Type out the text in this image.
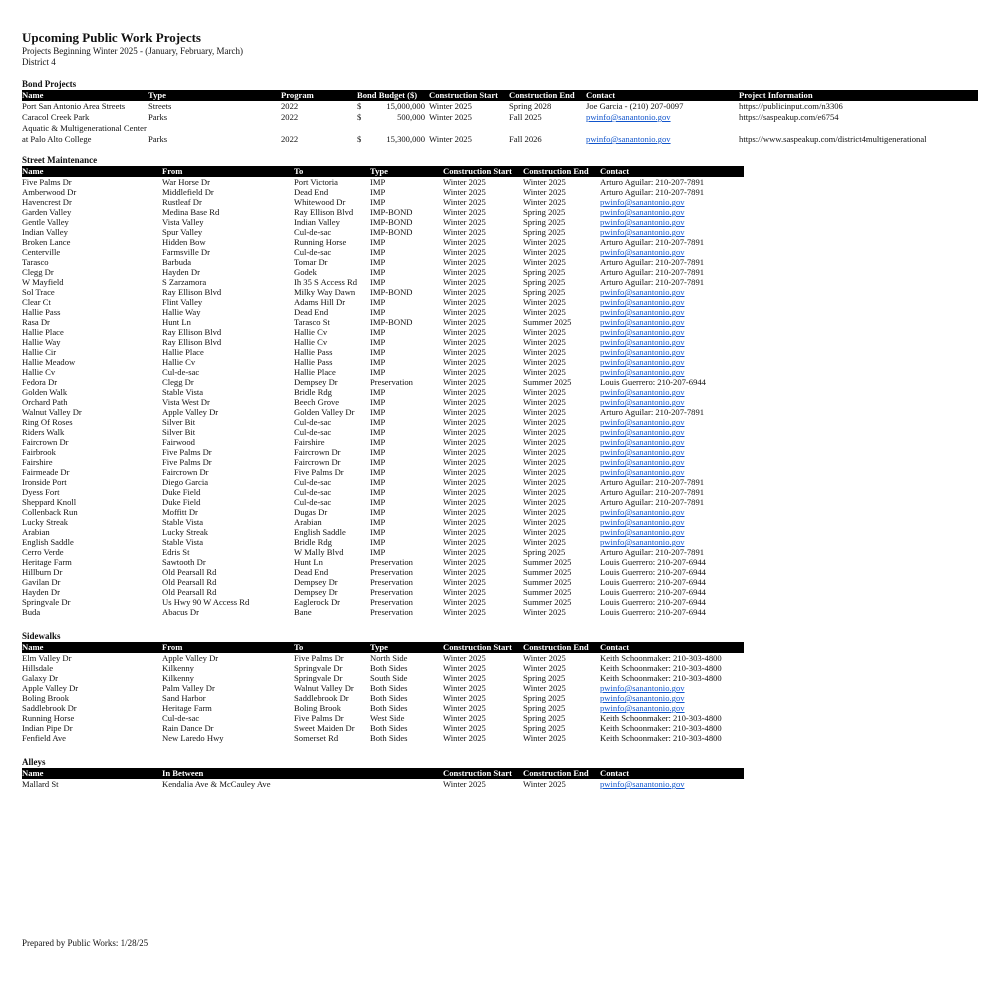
Upcoming Public Work Projects
Projects Beginning Winter 2025 - (January, February, March)
District 4
Bond Projects
Name	Type	Program	Bond Budget ($)		Construction Start	Construction End	Contact	Project Information
Port San Antonio Area Streets	Streets	2022	$	15,000,000	Winter 2025	Spring 2028	Joe Garcia - (210) 207-0097	https://publicinput.com/n3306
Caracol Creek Park	Parks	2022	$	500,000	Winter 2025	Fall 2025	pwinfo@sanantonio.gov	https://saspeakup.com/e6754
Aquatic & Multigenerational Center								
at Palo Alto College	Parks	2022	$	15,300,000	Winter 2025	Fall 2026	pwinfo@sanantonio.gov	https://www.saspeakup.com/district4multigenerational
Street Maintenance
Name	From	To	Type	Construction Start	Construction End	Contact
Five Palms Dr	War Horse Dr	Port Victoria	IMP	Winter 2025	Winter 2025	Arturo Aguilar: 210-207-7891
Amberwood Dr	Middlefield Dr	Dead End	IMP	Winter 2025	Winter 2025	Arturo Aguilar: 210-207-7891
Havencrest Dr	Rustleaf Dr	Whitewood Dr	IMP	Winter 2025	Winter 2025	pwinfo@sanantonio.gov
Garden Valley	Medina Base Rd	Ray Ellison Blvd	IMP-BOND	Winter 2025	Spring 2025	pwinfo@sanantonio.gov
Gentle Valley	Vista Valley	Indian Valley	IMP-BOND	Winter 2025	Spring 2025	pwinfo@sanantonio.gov
Indian Valley	Spur Valley	Cul-de-sac	IMP-BOND	Winter 2025	Spring 2025	pwinfo@sanantonio.gov
Broken Lance	Hidden Bow	Running Horse	IMP	Winter 2025	Winter 2025	Arturo Aguilar: 210-207-7891
Centerville	Farmsville Dr	Cul-de-sac	IMP	Winter 2025	Winter 2025	pwinfo@sanantonio.gov
Tarasco	Barbuda	Tomar Dr	IMP	Winter 2025	Winter 2025	Arturo Aguilar: 210-207-7891
Clegg Dr	Hayden Dr	Godek	IMP	Winter 2025	Spring 2025	Arturo Aguilar: 210-207-7891
W Mayfield	S Zarzamora	Ih 35 S Access Rd	IMP	Winter 2025	Spring 2025	Arturo Aguilar: 210-207-7891
Sol Trace	Ray Ellison Blvd	Milky Way Dawn	IMP-BOND	Winter 2025	Spring 2025	pwinfo@sanantonio.gov
Clear Ct	Flint Valley	Adams Hill Dr	IMP	Winter 2025	Winter 2025	pwinfo@sanantonio.gov
Hallie Pass	Hallie Way	Dead End	IMP	Winter 2025	Winter 2025	pwinfo@sanantonio.gov
Rasa Dr	Hunt Ln	Tarasco St	IMP-BOND	Winter 2025	Summer 2025	pwinfo@sanantonio.gov
Hallie Place	Ray Ellison Blvd	Hallie Cv	IMP	Winter 2025	Winter 2025	pwinfo@sanantonio.gov
Hallie Way	Ray Ellison Blvd	Hallie Cv	IMP	Winter 2025	Winter 2025	pwinfo@sanantonio.gov
Hallie Cir	Hallie Place	Hallie Pass	IMP	Winter 2025	Winter 2025	pwinfo@sanantonio.gov
Hallie Meadow	Hallie Cv	Hallie Pass	IMP	Winter 2025	Winter 2025	pwinfo@sanantonio.gov
Hallie Cv	Cul-de-sac	Hallie Place	IMP	Winter 2025	Winter 2025	pwinfo@sanantonio.gov
Fedora Dr	Clegg Dr	Dempsey Dr	Preservation	Winter 2025	Summer 2025	Louis Guerrero: 210-207-6944
Golden Walk	Stable Vista	Bridle Rdg	IMP	Winter 2025	Winter 2025	pwinfo@sanantonio.gov
Orchard Path	Vista West Dr	Beech Grove	IMP	Winter 2025	Winter 2025	pwinfo@sanantonio.gov
Walnut Valley Dr	Apple Valley Dr	Golden Valley Dr	IMP	Winter 2025	Winter 2025	Arturo Aguilar: 210-207-7891
Ring Of Roses	Silver Bit	Cul-de-sac	IMP	Winter 2025	Winter 2025	pwinfo@sanantonio.gov
Riders Walk	Silver Bit	Cul-de-sac	IMP	Winter 2025	Winter 2025	pwinfo@sanantonio.gov
Faircrown Dr	Fairwood	Fairshire	IMP	Winter 2025	Winter 2025	pwinfo@sanantonio.gov
Fairbrook	Five Palms Dr	Faircrown Dr	IMP	Winter 2025	Winter 2025	pwinfo@sanantonio.gov
Fairshire	Five Palms Dr	Faircrown Dr	IMP	Winter 2025	Winter 2025	pwinfo@sanantonio.gov
Fairmeade Dr	Faircrown Dr	Five Palms Dr	IMP	Winter 2025	Winter 2025	pwinfo@sanantonio.gov
Ironside Port	Diego Garcia	Cul-de-sac	IMP	Winter 2025	Winter 2025	Arturo Aguilar: 210-207-7891
Dyess Fort	Duke Field	Cul-de-sac	IMP	Winter 2025	Winter 2025	Arturo Aguilar: 210-207-7891
Sheppard Knoll	Duke Field	Cul-de-sac	IMP	Winter 2025	Winter 2025	Arturo Aguilar: 210-207-7891
Collenback Run	Moffitt Dr	Dugas Dr	IMP	Winter 2025	Winter 2025	pwinfo@sanantonio.gov
Lucky Streak	Stable Vista	Arabian	IMP	Winter 2025	Winter 2025	pwinfo@sanantonio.gov
Arabian	Lucky Streak	English Saddle	IMP	Winter 2025	Winter 2025	pwinfo@sanantonio.gov
English Saddle	Stable Vista	Bridle Rdg	IMP	Winter 2025	Winter 2025	pwinfo@sanantonio.gov
Cerro Verde	Edris St	W Mally Blvd	IMP	Winter 2025	Spring 2025	Arturo Aguilar: 210-207-7891
Heritage Farm	Sawtooth Dr	Hunt Ln	Preservation	Winter 2025	Summer 2025	Louis Guerrero: 210-207-6944
Hillburn Dr	Old Pearsall Rd	Dead End	Preservation	Winter 2025	Summer 2025	Louis Guerrero: 210-207-6944
Gavilan Dr	Old Pearsall Rd	Dempsey Dr	Preservation	Winter 2025	Summer 2025	Louis Guerrero: 210-207-6944
Hayden Dr	Old Pearsall Rd	Dempsey Dr	Preservation	Winter 2025	Summer 2025	Louis Guerrero: 210-207-6944
Springvale Dr	Us Hwy 90 W Access Rd	Eaglerock Dr	Preservation	Winter 2025	Summer 2025	Louis Guerrero: 210-207-6944
Buda	Abacus Dr	Bane	Preservation	Winter 2025	Winter 2025	Louis Guerrero: 210-207-6944
Sidewalks
Name	From	To	Type	Construction Start	Construction End	Contact
Elm Valley Dr	Apple Valley Dr	Five Palms Dr	North Side	Winter 2025	Winter 2025	Keith Schoonmaker: 210-303-4800
Hillsdale	Kilkenny	Springvale Dr	Both Sides	Winter 2025	Winter 2025	Keith Schoonmaker: 210-303-4800
Galaxy Dr	Kilkenny	Springvale Dr	South Side	Winter 2025	Spring 2025	Keith Schoonmaker: 210-303-4800
Apple Valley Dr	Palm Valley Dr	Walnut Valley Dr	Both Sides	Winter 2025	Winter 2025	pwinfo@sanantonio.gov
Boling Brook	Sand Harbor	Saddlebrook Dr	Both Sides	Winter 2025	Spring 2025	pwinfo@sanantonio.gov
Saddlebrook Dr	Heritage Farm	Boling Brook	Both Sides	Winter 2025	Spring 2025	pwinfo@sanantonio.gov
Running Horse	Cul-de-sac	Five Palms Dr	West Side	Winter 2025	Spring 2025	Keith Schoonmaker: 210-303-4800
Indian Pipe Dr	Rain Dance Dr	Sweet Maiden Dr	Both Sides	Winter 2025	Spring 2025	Keith Schoonmaker: 210-303-4800
Fenfield Ave	New Laredo Hwy	Somerset Rd	Both Sides	Winter 2025	Winter 2025	Keith Schoonmaker: 210-303-4800
Alleys
Name	In Between			Construction Start	Construction End	Contact
Mallard St	Kendalia Ave & McCauley Ave			Winter 2025	Winter 2025	pwinfo@sanantonio.gov
Prepared by Public Works: 1/28/25
